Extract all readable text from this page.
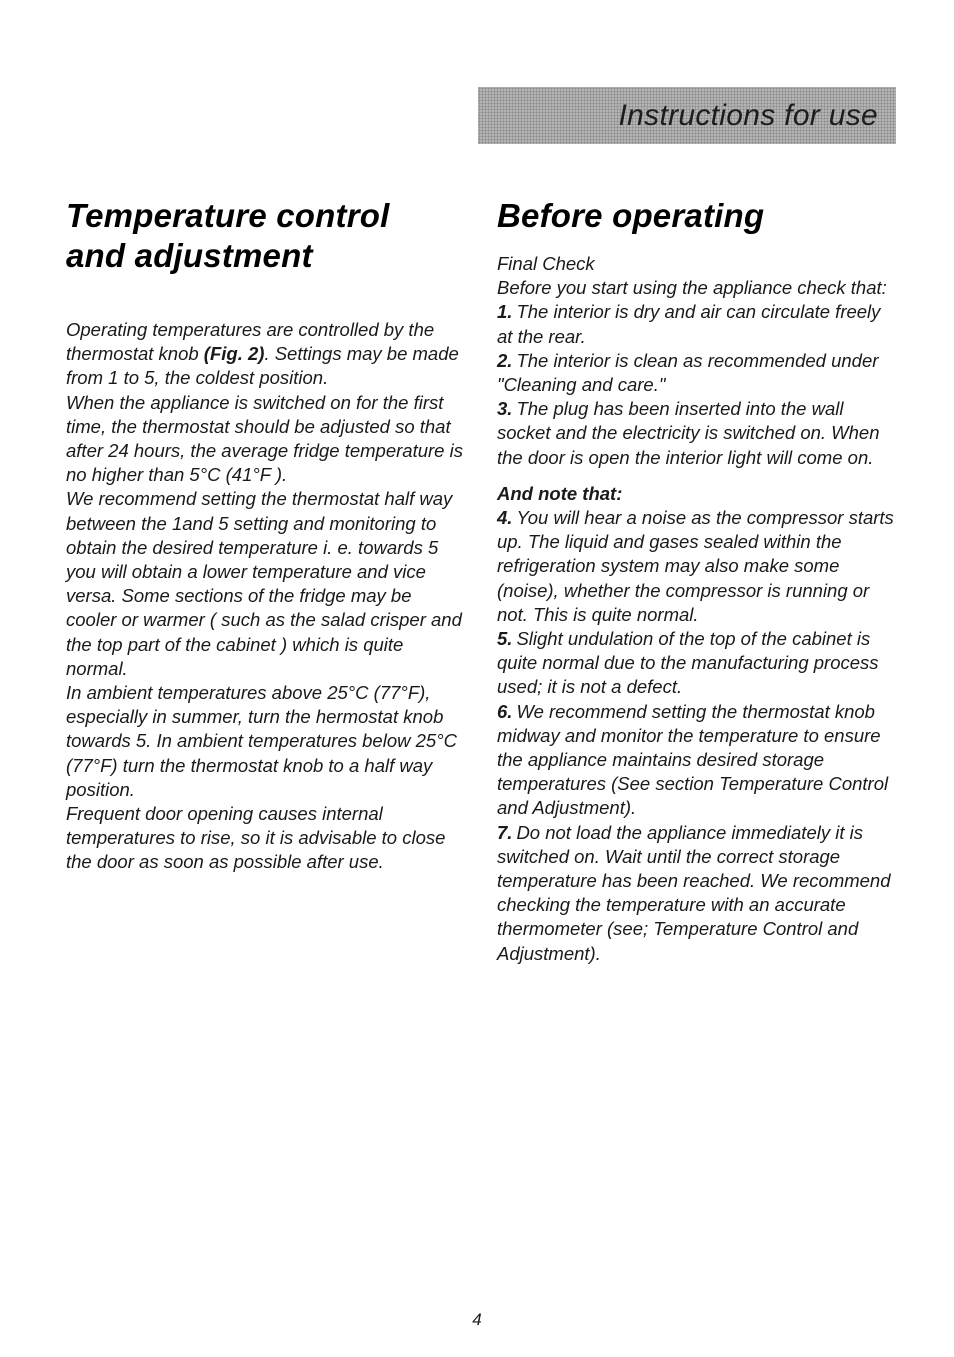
Instructions for use
Temperature control
and adjustment

Operating temperatures are controlled by the thermostat knob (Fig. 2). Settings may be made from 1 to 5, the coldest position.

When the appliance is switched on for the first time, the thermostat should be adjusted so that after 24 hours, the average fridge temperature is no higher than 5°C (41°F ).

We recommend setting the thermostat half way between the 1and 5 setting and monitoring to obtain the desired temperature i. e. towards 5 you will obtain a lower temperature and vice versa. Some sections of the fridge may be cooler or warmer ( such as the salad crisper and the top part of the cabinet ) which is quite normal.

In ambient temperatures above 25°C (77°F), especially in summer, turn the hermostat knob towards 5. In ambient temperatures below 25°C (77°F) turn the thermostat knob to a half way position.

Frequent door opening causes internal temperatures to rise, so it is advisable to close the door as soon as possible after use.

Before operating

Final Check

Before you start using the appliance check that:

1. The interior is dry and air can circulate freely at the rear.

2. The interior is clean as recommended under "Cleaning and care."

3. The plug has been inserted into the wall socket and the electricity is switched on. When the door is open the interior light will come on.

And note that:

4. You will hear a noise as the compressor starts up. The liquid and gases sealed within the refrigeration system may also make some (noise), whether the compressor is running or not. This is quite normal.

5. Slight undulation of the top of the cabinet is quite normal due to the manufacturing process used; it is not a defect.

6. We recommend setting the thermostat knob midway and monitor the temperature to ensure the appliance maintains desired storage temperatures (See section Temperature Control and Adjustment).

7. Do not load the appliance immediately it is switched on. Wait until the correct storage temperature has been reached. We recommend checking the temperature with an accurate thermometer (see; Temperature Control and Adjustment).

4
